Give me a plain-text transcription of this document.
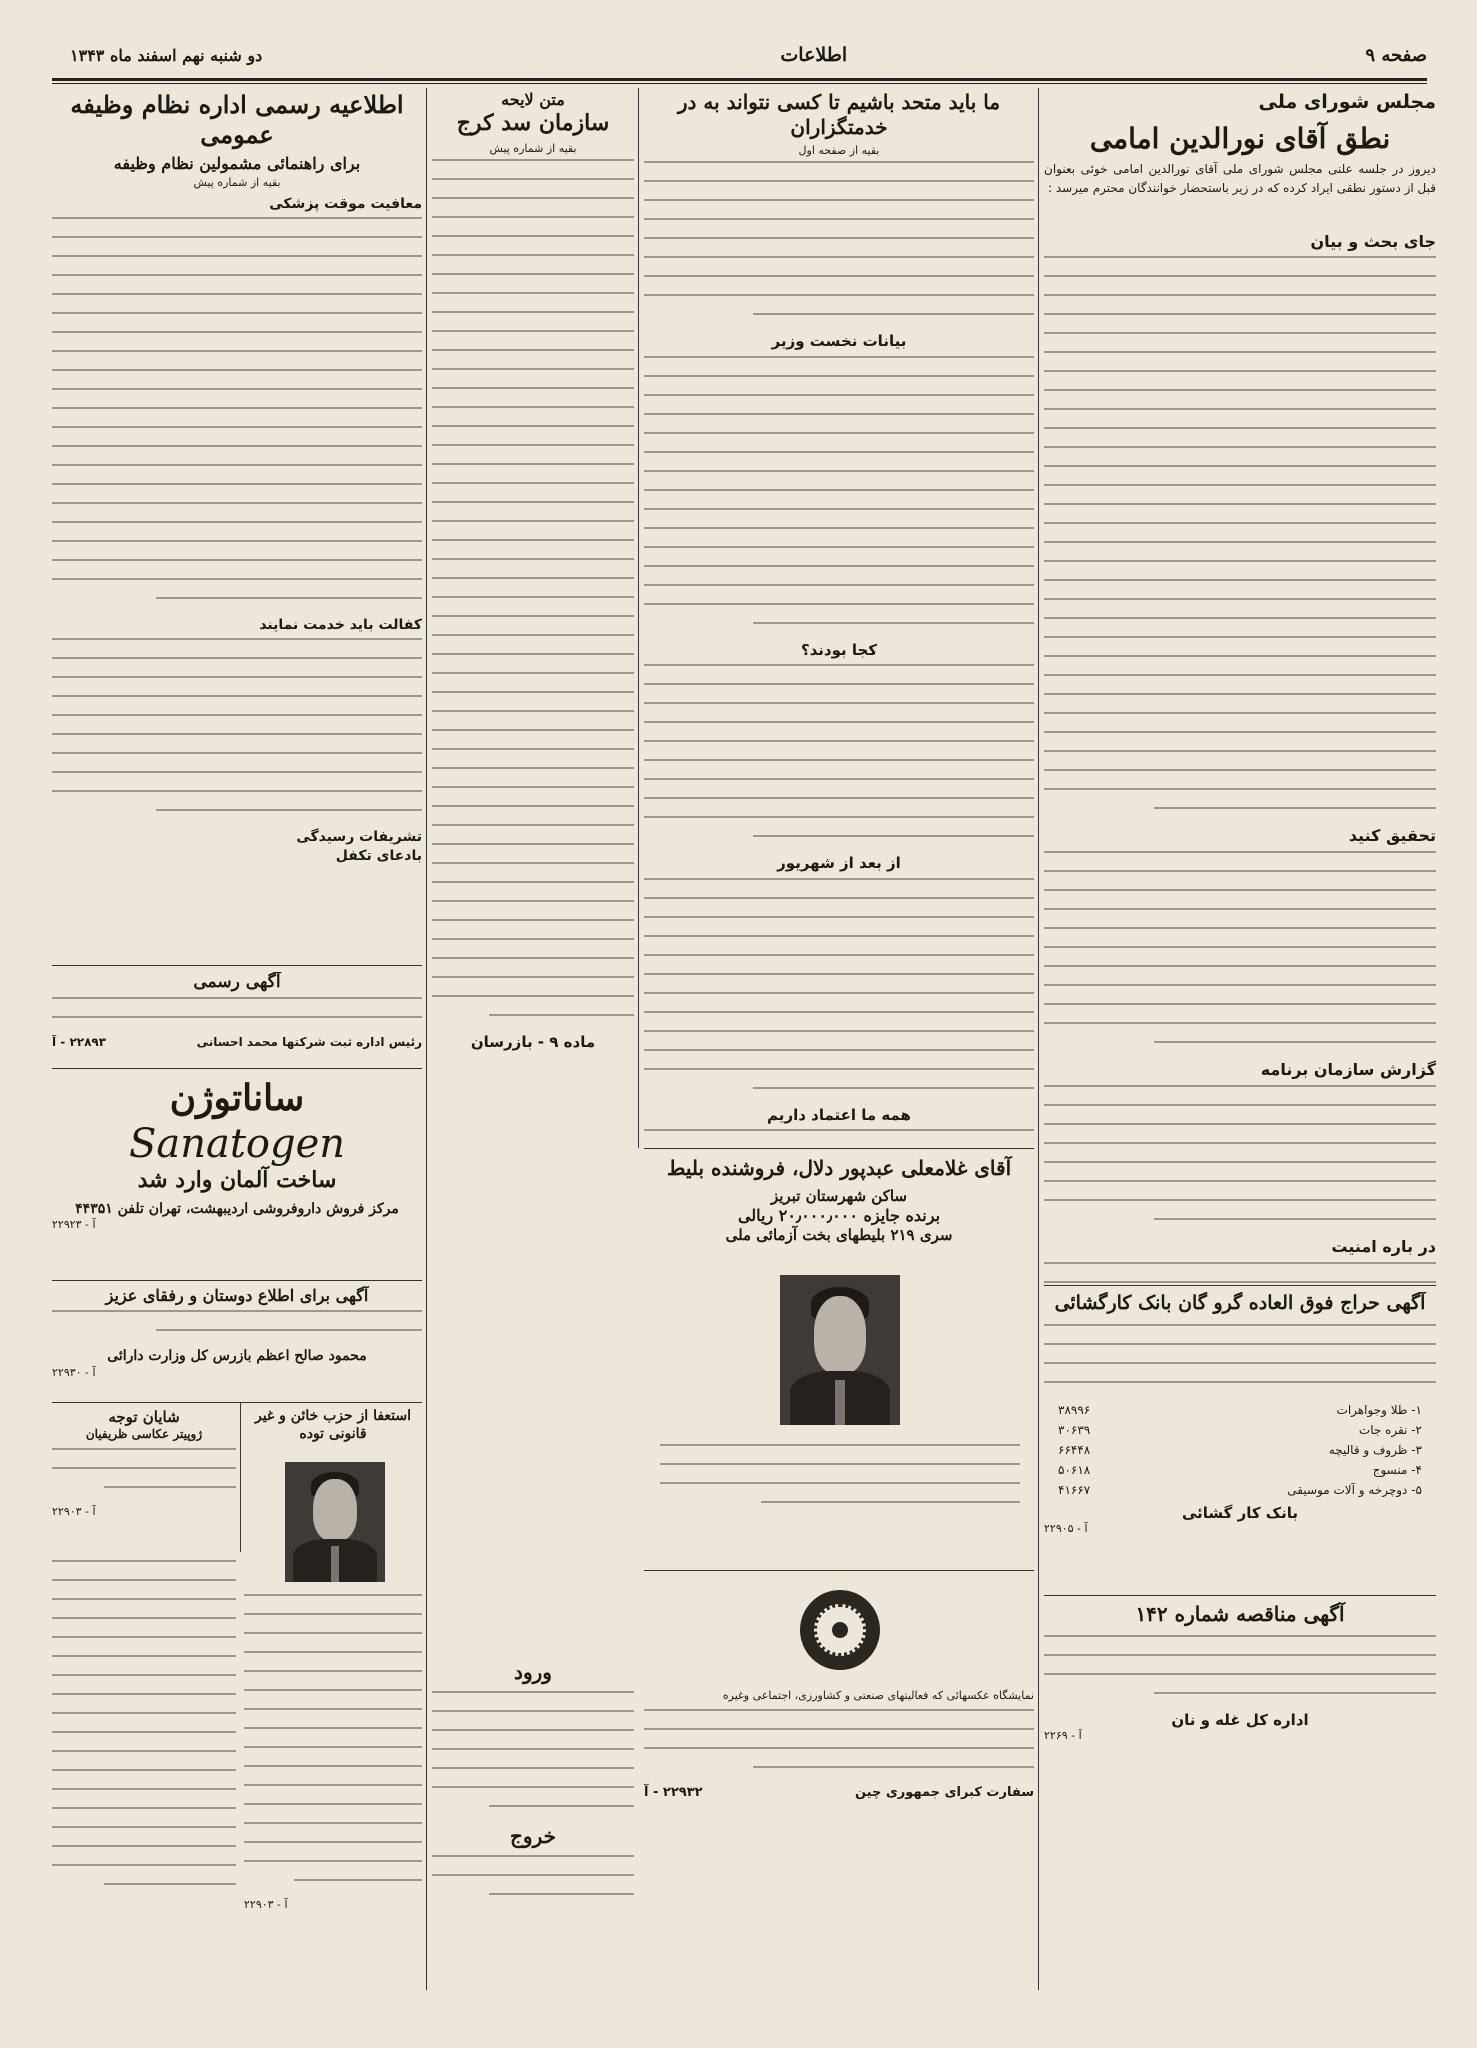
صفحه ۹
اطلاعات
دو شنبه نهم اسفند ماه ۱۳۴۳
مجلس شورای ملی
نطق آقای نورالدین امامی

دیروز در جلسه علنی مجلس شورای ملی آقای نورالدین امامی خوئی بعنوان قبل از دستور نطقی ایراد کرده که در زیر باستحضار خوانندگان محترم میرسد :

جای بحث و بیان
تحقیق کنید
گزارش سازمان برنامه
در باره امنیت
آگهی حراج فوق العاده گرو گان بانک کارگشائی
۱- طلا وجواهرات
۳۸۹۹۶
۲- نقره جات
۳۰۶۳۹
۳- ظروف و قالیچه
۶۶۴۴۸
۴- منسوج
۵۰۶۱۸
۵- دوچرخه و آلات موسیقی
۴۱۶۶۷
بانک کار گشائی
۲۲۹۰۵ - آ
آگهی مناقصه شماره ۱۴۲
اداره کل غله و نان
۲۲۶۹ - آ
ما باید متحد باشیم تا کسی نتواند به در خدمتگزاران
بقیه از صفحه اول
بیانات نخست وزیر
کجا بودند؟
از بعد از شهریور
همه ما اعتماد داریم
متن لایحه
سازمان سد کرج
بقیه از شماره پیش
ماده ۹ - بازرسان
اطلاعیه رسمی اداره نظام وظیفه عمومی
برای راهنمائی مشمولین نظام وظیفه
بقیه از شماره پیش
معافیت موقت پزشکی
کفالت باید خدمت نمایند
تشریفات رسیدگی
بادعای تکفل
آگهی رسمی
رئیس اداره ثبت شرکتها محمد احسانی
۲۲۸۹۳ - آ
ساناتوژن
Sanatogen
ساخت آلمان وارد شد
مرکز فروش داروفروشی اردیبهشت، تهران تلفن ۴۴۳۵۱
۲۲۹۲۳ - آ
آگهی برای اطلاع دوستان و رفقای عزیز
محمود صالح اعظم بازرس کل وزارت دارائی
۲۲۹۳۰ - آ
شایان توجه
ژوپیتر عکاسی ظریفیان
۲۲۹۰۳ - آ
استعفا از حزب خائن و غیر قانونی توده
۲۲۹۰۳ - آ
آقای غلامعلی عبدپور دلال، فروشنده بلیط
ساکن شهرستان تبریز
برنده جایزه ۲۰٫۰۰۰٫۰۰۰ ریالی
سری ۲۱۹ بلیطهای بخت آزمائی ملی

نمایشگاه عکسهائی که فعالیتهای صنعتی و کشاورزی، اجتماعی وغیره

سفارت کبرای جمهوری چین
۲۲۹۳۲ - آ
ورود
خروج
